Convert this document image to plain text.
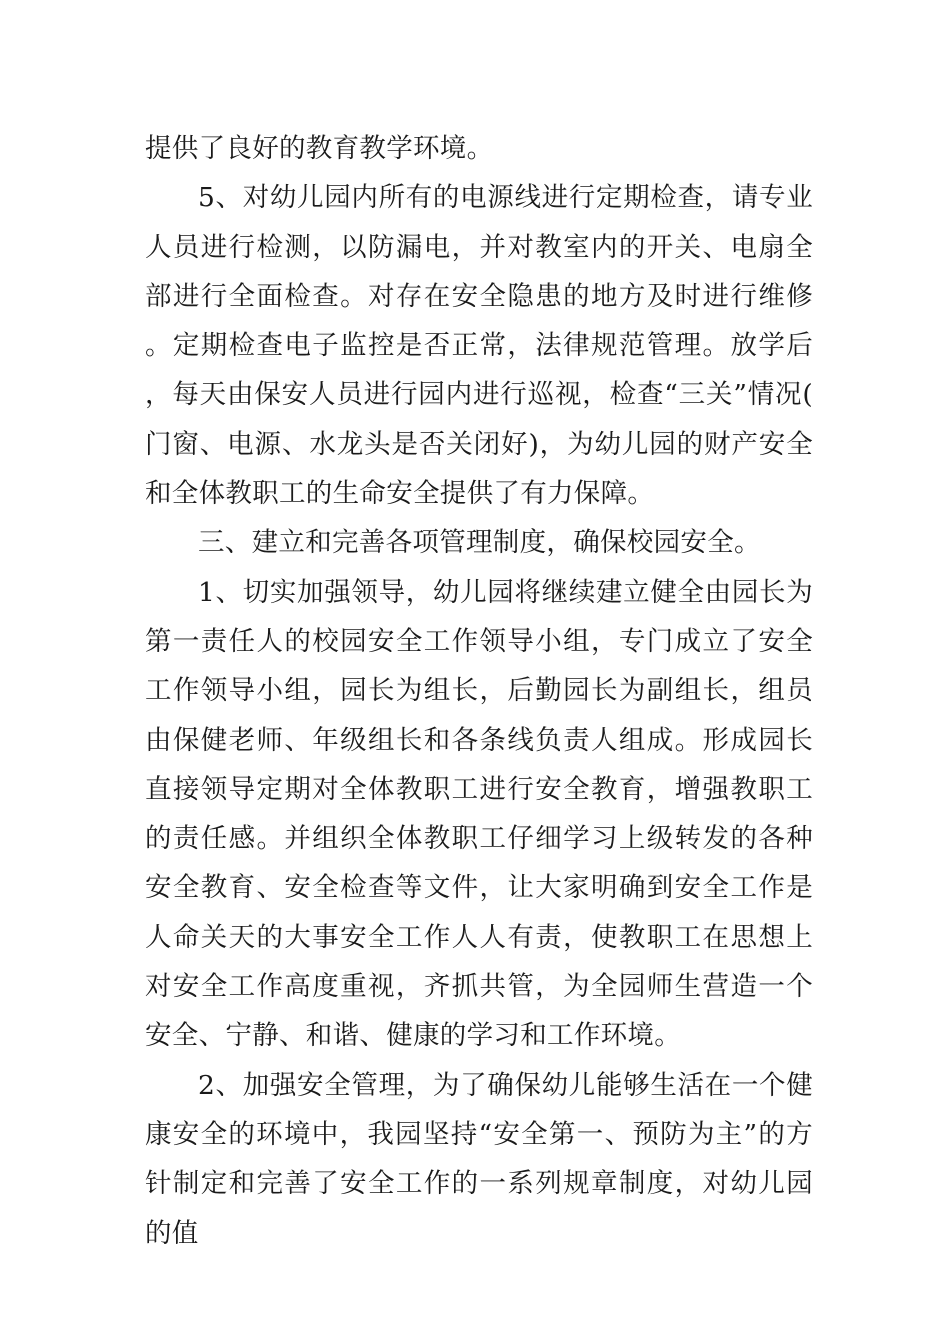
提供了良好的教育教学环境。

5、对幼儿园内所有的电源线进行定期检查，请专业人员进行检测，以防漏电，并对教室内的开关、电扇全部进行全面检查。对存在安全隐患的地方及时进行维修。定期检查电子监控是否正常，法律规范管理。放学后，每天由保安人员进行园内进行巡视，检查“三关”情况(门窗、电源、水龙头是否关闭好)，为幼儿园的财产安全和全体教职工的生命安全提供了有力保障。

三、建立和完善各项管理制度，确保校园安全。

1、切实加强领导，幼儿园将继续建立健全由园长为第一责任人的校园安全工作领导小组，专门成立了安全工作领导小组，园长为组长，后勤园长为副组长，组员由保健老师、年级组长和各条线负责人组成。形成园长直接领导定期对全体教职工进行安全教育，增强教职工的责任感。并组织全体教职工仔细学习上级转发的各种安全教育、安全检查等文件，让大家明确到安全工作是人命关天的大事安全工作人人有责，使教职工在思想上对安全工作高度重视，齐抓共管，为全园师生营造一个安全、宁静、和谐、健康的学习和工作环境。

2、加强安全管理，为了确保幼儿能够生活在一个健康安全的环境中，我园坚持“安全第一、预防为主”的方针制定和完善了安全工作的一系列规章制度，对幼儿园的值
